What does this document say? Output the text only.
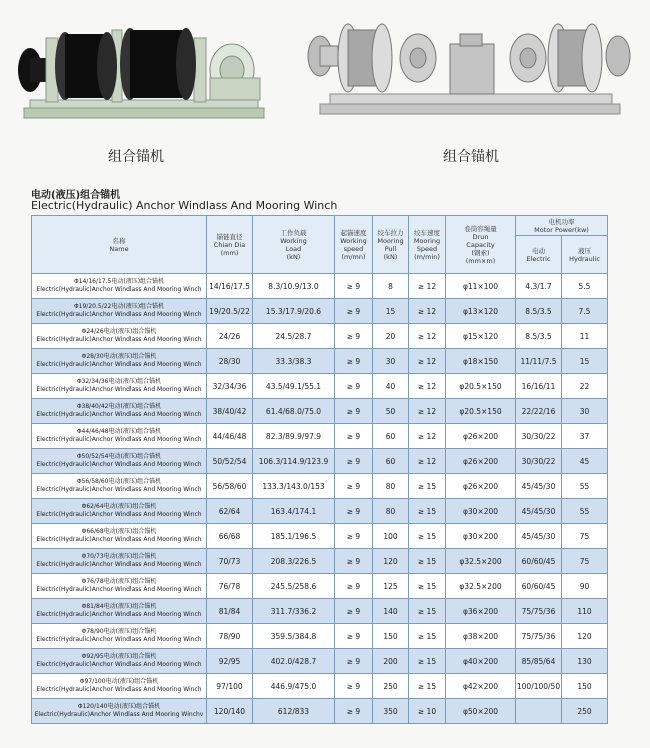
组合锚机	组合锚机
电动(液压)组合锚机
Electric(Hydraulic) Anchor Windlass And Mooring Winch
名称
Name	锚链直径
Chian Dia
(mm)	工作负载
Working
Load
(kN)	起锚速度
Working
speed
(m/mn)	绞车拉力
Mooring
Pull
(kN)	绞车速度
Mooring
Speed
(m/min)	卷筒容绳量
Drun
Capacity
(钢索)
(mm×m)	电机功率
Motor Power(kw)	

							电动
Electric	液压
Hydraulic

Φ14/16/17.5电动(液压)组合锚机
Electric(Hydraulic)Anchor Windlass And Mooring Winch	14/16/17.5	8.3/10.9/13.0	≥ 9	8	≥ 12	φ11×100	4.3/1.7	5.5

Φ19/20.5/22电动(液压)组合锚机
Electric(Hydraulic)Anchor Windlass And Mooring Winch	19/20.5/22	15.3/17.9/20.6	≥ 9	15	≥ 12	φ13×120	8.5/3.5	7.5

Φ24/26电动(液压)组合锚机
Electric(Hydraulic)Anchor Windlass And Mooring Winch	24/26	24.5/28.7	≥ 9	20	≥ 12	φ15×120	8.5/3.5	11

Φ28/30电动(液压)组合锚机
Electric(Hydraulic)Anchor Windlass And Mooring Winch	28/30	33.3/38.3	≥ 9	30	≥ 12	φ18×150	11/11/7.5	15

Φ32/34/36电动(液压)组合锚机
Electric(Hydraulic)Anchor Windlass And Mooring Winch	32/34/36	43.5/49.1/55.1	≥ 9	40	≥ 12	φ20.5×150	16/16/11	22

Φ38/40/42电动(液压)组合锚机
Electric(Hydraulic)Anchor Windlass And Mooring Winch	38/40/42	61.4/68.0/75.0	≥ 9	50	≥ 12	φ20.5×150	22/22/16	30

Φ44/46/48电动(液压)组合锚机
Electric(Hydraulic)Anchor Windlass And Mooring Winch	44/46/48	82.3/89.9/97.9	≥ 9	60	≥ 12	φ26×200	30/30/22	37

Φ50/52/54电动(液压)组合锚机
Electric(Hydraulic)Anchor Windlass And Mooring Winch	50/52/54	106.3/114.9/123.9	≥ 9	60	≥ 12	φ26×200	30/30/22	45

Φ56/58/60电动(液压)组合锚机
Electric(Hydraulic)Anchor Windlass And Mooring Winch	56/58/60	133.3/143.0/153	≥ 9	80	≥ 15	φ26×200	45/45/30	55

Φ62/64电动(液压)组合锚机
Electric(Hydraulic)Anchor Windlass And Mooring Winch	62/64	163.4/174.1	≥ 9	80	≥ 15	φ30×200	45/45/30	55

Φ66/68电动(液压)组合锚机
Electric(Hydraulic)Anchor Windlass And Mooring Winch	66/68	185.1/196.5	≥ 9	100	≥ 15	φ30×200	45/45/30	75

Φ70/73电动(液压)组合锚机
Electric(Hydraulic)Anchor Windlass And Mooring Winch	70/73	208.3/226.5	≥ 9	120	≥ 15	φ32.5×200	60/60/45	75

Φ76/78电动(液压)组合锚机
Electric(Hydraulic)Anchor Windlass And Mooring Winch	76/78	245.5/258.6	≥ 9	125	≥ 15	φ32.5×200	60/60/45	90

Φ81/84电动(液压)组合锚机
Electric(Hydraulic)Anchor Windlass And Mooring Winch	81/84	311.7/336.2	≥ 9	140	≥ 15	φ36×200	75/75/36	110

Φ78/90电动(液压)组合锚机
Electric(Hydraulic)Anchor Windlass And Mooring Winch	78/90	359.5/384.8	≥ 9	150	≥ 15	φ38×200	75/75/36	120

Φ92/95电动(液压)组合锚机
Electric(Hydraulic)Anchor Windlass And Mooring Winch	92/95	402.0/428.7	≥ 9	200	≥ 15	φ40×200	85/85/64	130

Φ97/100电动(液压)组合锚机
Electric(Hydraulic)Anchor Windlass And Mooring Winch	97/100	446.9/475.0	≥ 9	250	≥ 15	φ42×200	100/100/50	150

Φ120/140电动(液压)组合锚机
Electric(Hydraulic)Anchor Windlass And Mooring Winchv	120/140	612/833	≥ 9	350	≥ 10	φ50×200		250
